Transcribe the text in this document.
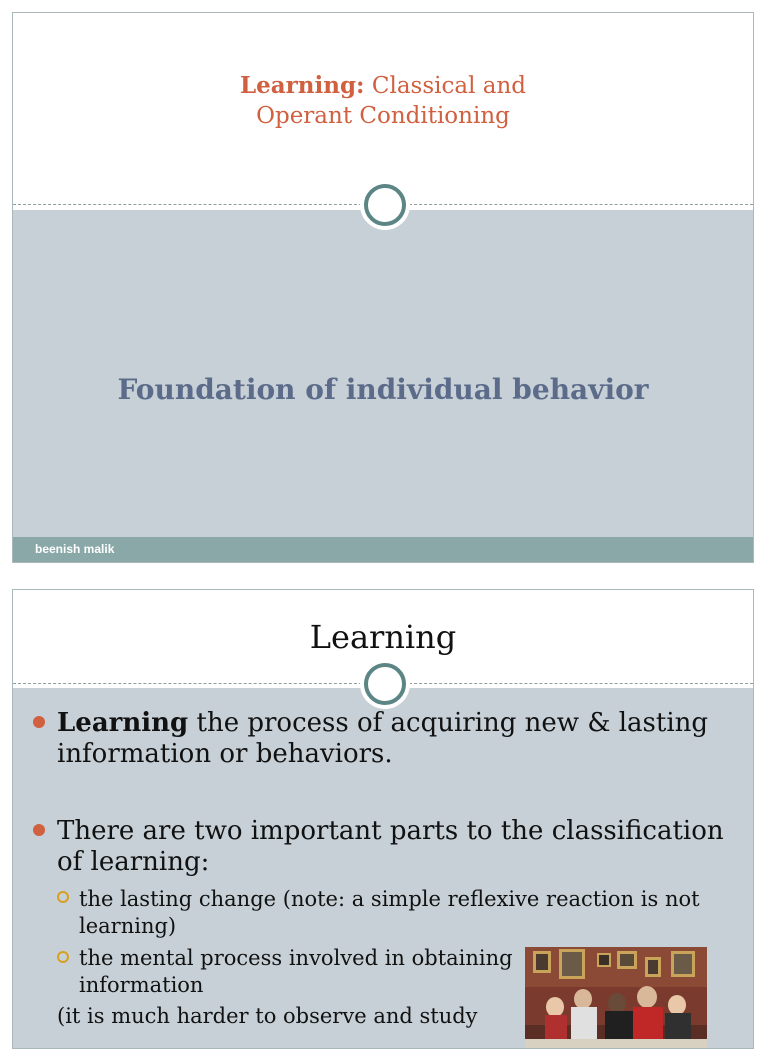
Learning: Classical and
Operant Conditioning
Foundation of individual behavior
beenish malik
Learning
Learning the process of acquiring new & lasting information or behaviors.
There are two important parts to the classification of learning:
the lasting change (note: a simple reflexive reaction is not learning)
the mental process involved in obtaining
information
(it is much harder to observe and study
